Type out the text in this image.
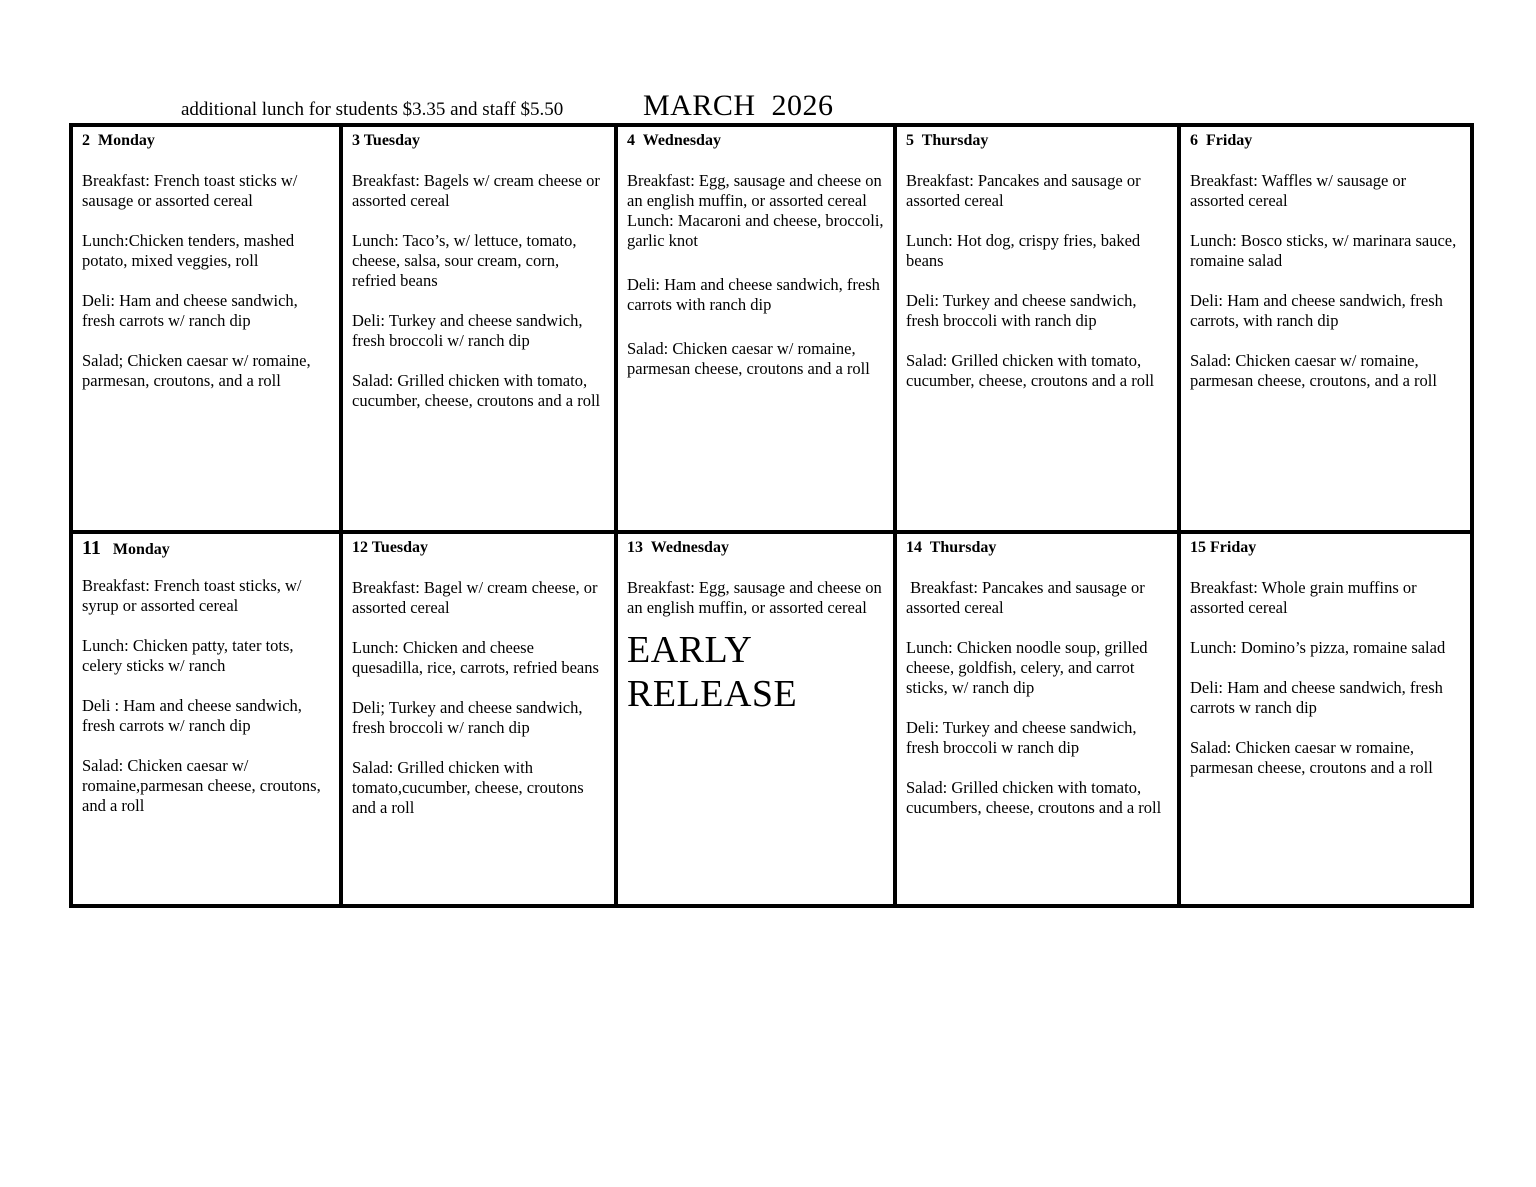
additional lunch for students $3.35 and staff $5.50	MARCH  2026
2  Monday
Breakfast: French toast sticks w/ sausage or assorted cereal
Lunch:Chicken tenders, mashed potato, mixed veggies, roll
Deli: Ham and cheese sandwich, fresh carrots w/ ranch dip
Salad; Chicken caesar w/ romaine, parmesan, croutons, and a roll
3 Tuesday
Breakfast: Bagels w/ cream cheese or assorted cereal
Lunch: Taco’s, w/ lettuce, tomato, cheese, salsa, sour cream, corn, refried beans
Deli: Turkey and cheese sandwich, fresh broccoli w/ ranch dip
Salad: Grilled chicken with tomato, cucumber, cheese, croutons and a roll
4  Wednesday
Breakfast: Egg, sausage and cheese on an english muffin, or assorted cereal
Lunch: Macaroni and cheese, broccoli, garlic knot
Deli: Ham and cheese sandwich, fresh carrots with ranch dip
Salad: Chicken caesar w/ romaine, parmesan cheese, croutons and a roll
5  Thursday
Breakfast: Pancakes and sausage or assorted cereal
Lunch: Hot dog, crispy fries, baked beans
Deli: Turkey and cheese sandwich, fresh broccoli with ranch dip
Salad: Grilled chicken with tomato, cucumber, cheese, croutons and a roll
6  Friday
Breakfast: Waffles w/ sausage or assorted cereal
Lunch: Bosco sticks, w/ marinara sauce, romaine salad
Deli: Ham and cheese sandwich, fresh carrots, with ranch dip
Salad: Chicken caesar w/ romaine, parmesan cheese, croutons, and a roll
11 Monday
Breakfast: French toast sticks, w/ syrup or assorted cereal
Lunch: Chicken patty, tater tots, celery sticks w/ ranch
Deli : Ham and cheese sandwich, fresh carrots w/ ranch dip
Salad: Chicken caesar w/ romaine,parmesan cheese, croutons, and a roll
12 Tuesday
Breakfast: Bagel w/ cream cheese, or assorted cereal
Lunch: Chicken and cheese quesadilla, rice, carrots, refried beans
Deli; Turkey and cheese sandwich, fresh broccoli w/ ranch dip
Salad: Grilled chicken with tomato,cucumber, cheese, croutons and a roll
13  Wednesday
Breakfast: Egg, sausage and cheese on an english muffin, or assorted cereal
EARLY
RELEASE
14  Thursday
Breakfast: Pancakes and sausage or assorted cereal
Lunch: Chicken noodle soup, grilled cheese, goldfish, celery, and carrot sticks, w/ ranch dip
Deli: Turkey and cheese sandwich, fresh broccoli w ranch dip
Salad: Grilled chicken with tomato, cucumbers, cheese, croutons and a roll
15 Friday
Breakfast: Whole grain muffins or assorted cereal
Lunch: Domino’s pizza, romaine salad
Deli: Ham and cheese sandwich, fresh carrots w ranch dip
Salad: Chicken caesar w romaine, parmesan cheese, croutons and a roll
